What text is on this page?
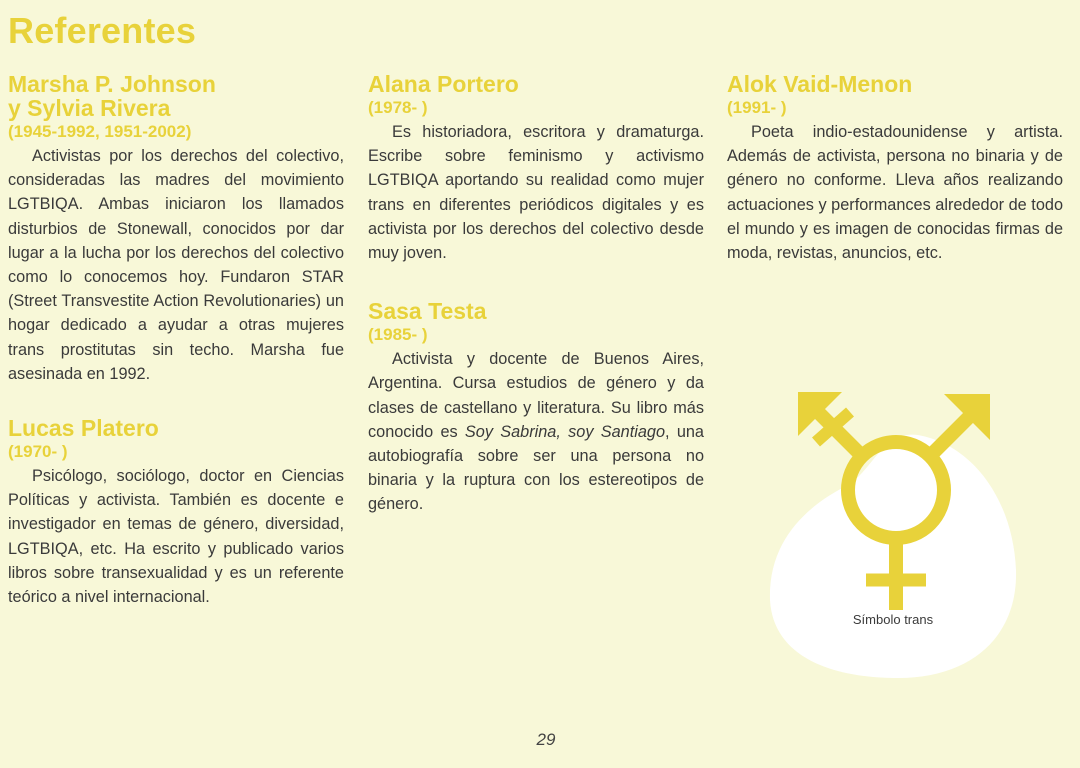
Referentes
Marsha P. Johnson
y Sylvia Rivera
(1945-1992, 1951-2002)

Activistas por los derechos del colectivo, consideradas las madres del movimiento LGTBIQA. Ambas iniciaron los llamados disturbios de Stonewall, conocidos por dar lugar a la lucha por los derechos del colectivo como lo conocemos hoy. Fundaron STAR (Street Transvestite Action Revolutionaries) un hogar dedicado a ayudar a otras mujeres trans prostitutas sin techo. Marsha fue asesinada en 1992.

Lucas Platero
(1970- )

Psicólogo, sociólogo, doctor en Ciencias Políticas y activista. También es docente e investigador en temas de género, diversidad, LGTBIQA, etc. Ha escrito y publicado varios libros sobre transexualidad y es un referente teórico a nivel internacional.

Alana Portero
(1978- )

Es historiadora, escritora y dramaturga. Escribe sobre feminismo y activismo LGTBIQA aportando su realidad como mujer trans en diferentes periódicos digitales y es activista por los derechos del colectivo desde muy joven.

Sasa Testa
(1985- )

Activista y docente de Buenos Aires, Argentina. Cursa estudios de género y da clases de castellano y literatura. Su libro más conocido es Soy Sabrina, soy Santiago, una autobiografía sobre ser una persona no binaria y la ruptura con los estereotipos de género.

Alok Vaid-Menon
(1991- )

Poeta indio-estadounidense y artista. Además de activista, persona no binaria y de género no conforme. Lleva años realizando actuaciones y performances alrededor de todo el mundo y es imagen de conocidas firmas de moda, revistas, anuncios, etc.

Símbolo trans
29
